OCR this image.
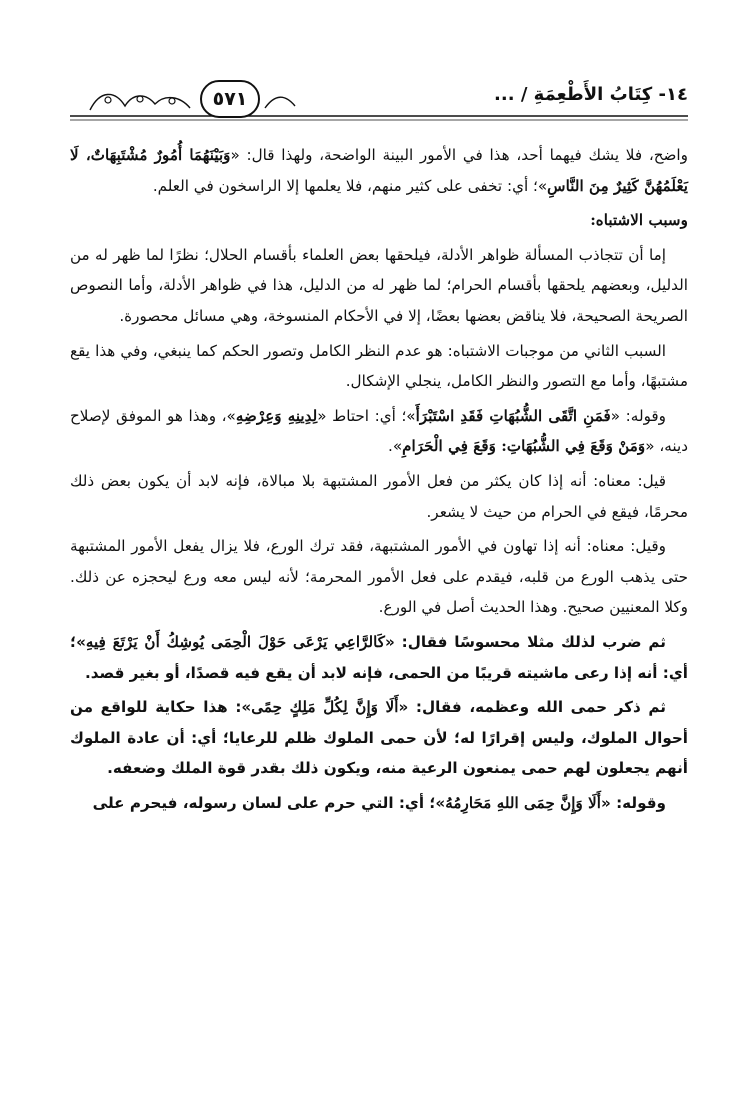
٥٧١	١٤- كِتَابُ الأَطْعِمَةِ / ...

واضح، فلا يشك فيهما أحد، هذا في الأمور البينة الواضحة، ولهذا قال: «وَبَيْنَهُمَا أُمُورٌ مُشْتَبِهَاتٌ، لَا يَعْلَمُهُنَّ كَثِيرٌ مِنَ النَّاسِ»؛ أي: تخفى على كثير منهم، فلا يعلمها إلا الراسخون في العلم.

وسبب الاشتباه:

إما أن تتجاذب المسألة ظواهر الأدلة، فيلحقها بعض العلماء بأقسام الحلال؛ نظرًا لما ظهر له من الدليل، وبعضهم يلحقها بأقسام الحرام؛ لما ظهر له من الدليل، هذا في ظواهر الأدلة، وأما النصوص الصريحة الصحيحة، فلا يناقض بعضها بعضًا، إلا في الأحكام المنسوخة، وهي مسائل محصورة.

السبب الثاني من موجبات الاشتباه: هو عدم النظر الكامل وتصور الحكم كما ينبغي، وفي هذا يقع مشتبهًا، وأما مع التصور والنظر الكامل، ينجلي الإشكال.

وقوله: «فَمَنِ اتَّقَى الشُّبُهَاتِ فَقَدِ اسْتَبْرَأَ»؛ أي: احتاط «لِدِينِهِ وَعِرْضِهِ»، وهذا هو الموفق لإصلاح دينه، «وَمَنْ وَقَعَ فِي الشُّبُهَاتِ: وَقَعَ فِي الْحَرَامِ».

قيل: معناه: أنه إذا كان يكثر من فعل الأمور المشتبهة بلا مبالاة، فإنه لابد أن يكون بعض ذلك محرمًا، فيقع في الحرام من حيث لا يشعر.

وقيل: معناه: أنه إذا تهاون في الأمور المشتبهة، فقد ترك الورع، فلا يزال يفعل الأمور المشتبهة حتى يذهب الورع من قلبه، فيقدم على فعل الأمور المحرمة؛ لأنه ليس معه ورع ليحجزه عن ذلك. وكلا المعنيين صحيح. وهذا الحديث أصل في الورع.

ثم ضرب لذلك مثلا محسوسًا فقال: «كَالرَّاعِي يَرْعَى حَوْلَ الْحِمَى يُوشِكُ أَنْ يَرْتَعَ فِيهِ»؛ أي: أنه إذا رعى ماشيته قريبًا من الحمى، فإنه لابد أن يقع فيه قصدًا، أو بغير قصد.

ثم ذكر حمى الله وعظمه، فقال: «أَلَا وَإِنَّ لِكُلِّ مَلِكٍ حِمًى»: هذا حكاية للواقع من أحوال الملوك، وليس إقرارًا له؛ لأن حمى الملوك ظلم للرعايا؛ أي: أن عادة الملوك أنهم يجعلون لهم حمى يمنعون الرعية منه، ويكون ذلك بقدر قوة الملك وضعفه.

وقوله: «أَلَا وَإِنَّ حِمَى اللهِ مَحَارِمُهُ»؛ أي: التي حرم على لسان رسوله، فيحرم على
